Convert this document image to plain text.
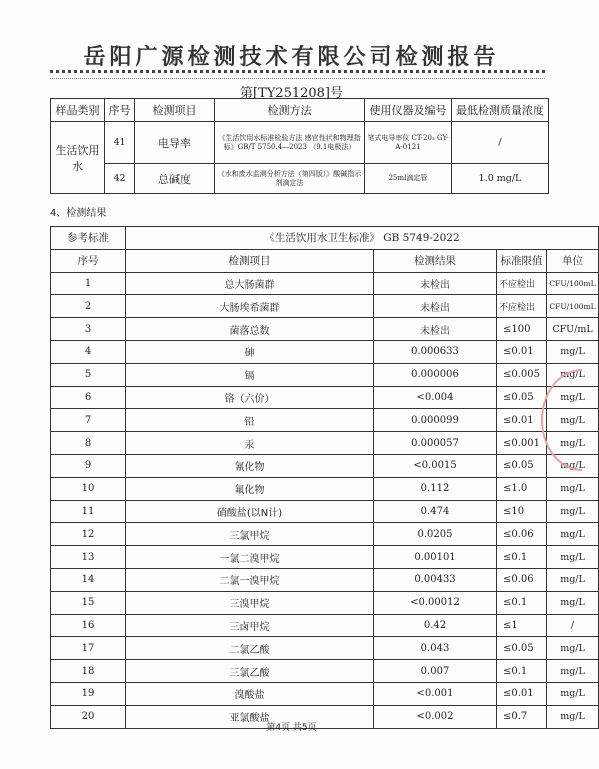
岳阳广源检测技术有限公司检测报告
第[TY251208]号
样品类别	序号	检测项目	检测方法	使用仪器及编号	最低检测质量浓度
生活饮用水	41	电导率	《生活饮用水标准检验方法 感官性状和物理指标》GB/T 5750.4—2023 （9.1电极法）	笔式电导率仪 CT-20₃ GY-A-0121	/
	42	总碱度	《水和废水监测分析方法（第四版）》酸碱指示剂滴定法	25ml滴定管	1.0 mg/L
4、检测结果
参考标准	《生活饮用水卫生标准》 GB 5749-2022			
序号	检测项目	检测结果	标准限值	单位
1	总大肠菌群	未检出	不应检出	CFU/100mL
2	大肠埃希菌群	未检出	不应检出	CFU/100mL
3	菌落总数	未检出	≤100	CFU/mL
4	砷	0.000633	≤0.01	mg/L
5	镉	0.000006	≤0.005	mg/L
6	铬（六价）	<0.004	≤0.05	mg/L
7	铅	0.000099	≤0.01	mg/L
8	汞	0.000057	≤0.001	mg/L
9	氰化物	<0.0015	≤0.05	mg/L
10	氟化物	0.112	≤1.0	mg/L
11	硝酸盐(以N计)	0.474	≤10	mg/L
12	三氯甲烷	0.0205	≤0.06	mg/L
13	一氯二溴甲烷	0.00101	≤0.1	mg/L
14	二氯一溴甲烷	0.00433	≤0.06	mg/L
15	三溴甲烷	<0.00012	≤0.1	mg/L
16	三卤甲烷	0.42	≤1	/
17	二氯乙酸	0.043	≤0.05	mg/L
18	三氯乙酸	0.007	≤0.1	mg/L
19	溴酸盐	<0.001	≤0.01	mg/L
20	亚氯酸盐	<0.002	≤0.7	mg/L
第4页 共5页
